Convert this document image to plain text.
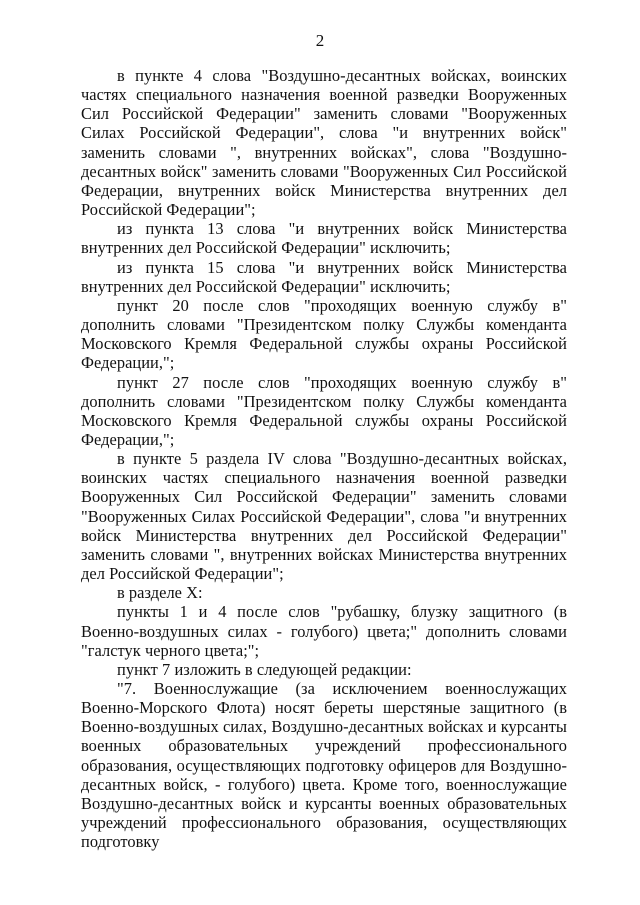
2

в пункте 4 слова "Воздушно-десантных войсках, воинских частях специального назначения военной разведки Вооруженных Сил Российской Федерации" заменить словами "Вооруженных Силах Российской Федерации", слова "и внутренних войск" заменить словами ", внутренних войсках", слова "Воздушно-десантных войск" заменить словами "Вооруженных Сил Российской Федерации, внутренних войск Министерства внутренних дел Российской Федерации";

из пункта 13 слова "и внутренних войск Министерства внутренних дел Российской Федерации" исключить;

из пункта 15 слова "и внутренних войск Министерства внутренних дел Российской Федерации" исключить;

пункт 20 после слов "проходящих военную службу в" дополнить словами "Президентском полку Службы коменданта Московского Кремля Федеральной службы охраны Российской Федерации,";

пункт 27 после слов "проходящих военную службу в" дополнить словами "Президентском полку Службы коменданта Московского Кремля Федеральной службы охраны Российской Федерации,";

в пункте 5 раздела IV слова "Воздушно-десантных войсках, воинских частях специального назначения военной разведки Вооруженных Сил Российской Федерации" заменить словами "Вооруженных Силах Российской Федерации", слова "и внутренних войск Министерства внутренних дел Российской Федерации" заменить словами ", внутренних войсках Министерства внутренних дел Российской Федерации";

в разделе X:

пункты 1 и 4 после слов "рубашку, блузку защитного (в Военно-воздушных силах - голубого) цвета;" дополнить словами "галстук черного цвета;";

пункт 7 изложить в следующей редакции:

"7. Военнослужащие (за исключением военнослужащих Военно-Морского Флота) носят береты шерстяные защитного (в Военно-воздушных силах, Воздушно-десантных войсках и курсанты военных образовательных учреждений профессионального образования, осуществляющих подготовку офицеров для Воздушно-десантных войск, - голубого) цвета. Кроме того, военнослужащие Воздушно-десантных войск и курсанты военных образовательных учреждений профессионального образования, осуществляющих подготовку
